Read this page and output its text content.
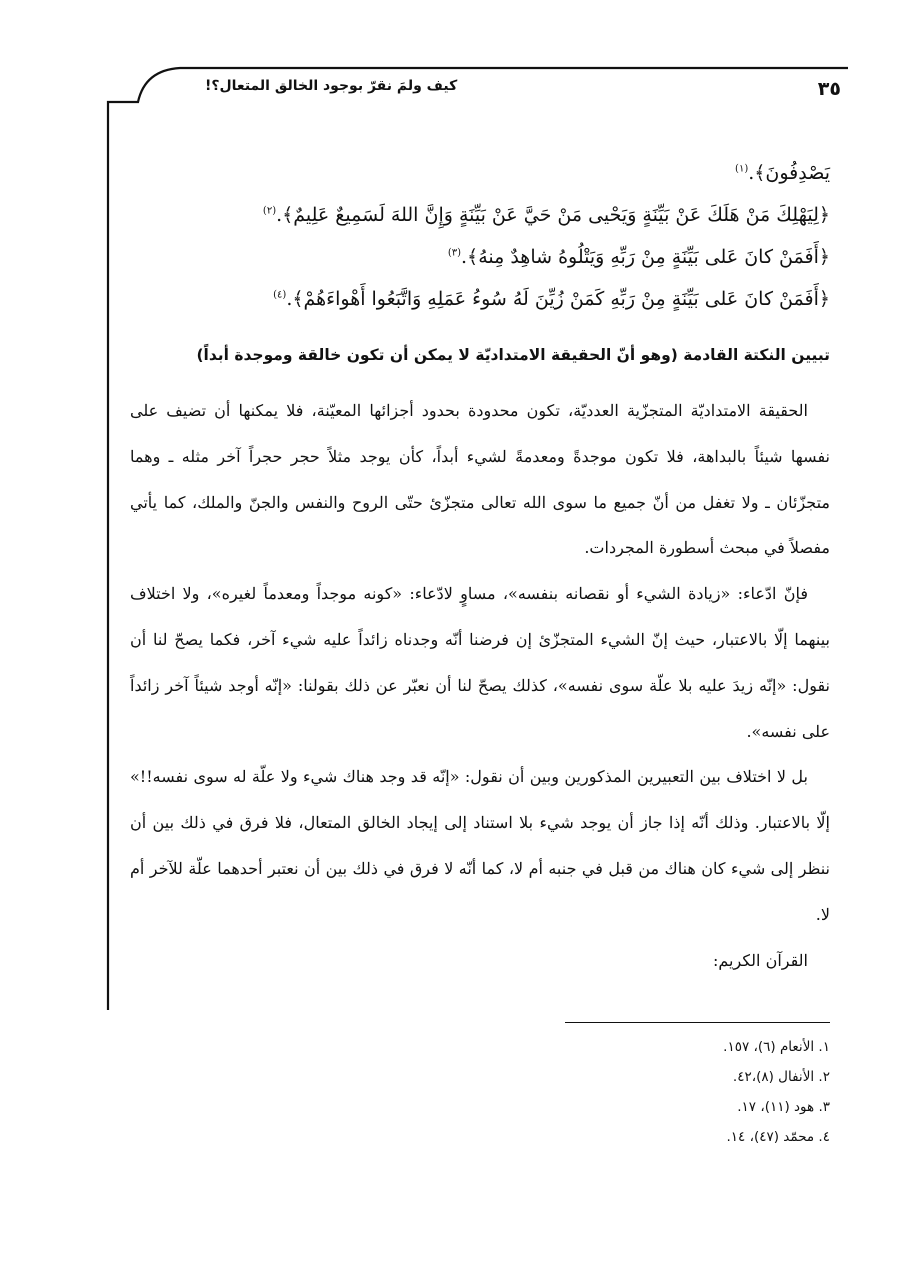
٣٥
كيف ولمَ نقرّ بوجود الخالق المتعال؟!

يَصْدِفُونَ﴾.$^{(١)}$

﴿لِيَهْلِكَ مَنْ هَلَكَ عَنْ بَيِّنَةٍ وَيَحْيى مَنْ حَيَّ عَنْ بَيِّنَةٍ وَإِنَّ اللهَ لَسَمِيعٌ عَلِيمٌ﴾.$^{(٢)}$

﴿أَفَمَنْ كانَ عَلى بَيِّنَةٍ مِنْ رَبِّهِ وَيَتْلُوهُ شاهِدٌ مِنهُ﴾.$^{(٣)}$

﴿أَفَمَنْ كانَ عَلى بَيِّنَةٍ مِنْ رَبِّهِ كَمَنْ زُيِّنَ لَهُ سُوءُ عَمَلِهِ وَاتَّبَعُوا أَهْواءَهُمْ﴾.$^{(٤)}$

تبيين النكتة القادمة (وهو أنّ الحقيقة الامتداديّة لا يمكن أن تكون خالقة وموجدة أبداً)

الحقيقة الامتداديّة المتجزّية العدديّة، تكون محدودة بحدود أجزائها المعيّنة، فلا يمكنها أن تضيف على نفسها شيئاً بالبداهة، فلا تكون موجدةً ومعدمةً لشيء أبداً، كأن يوجد مثلاً حجر حجراً آخر مثله ـ وهما متجزّئان ـ ولا تغفل من أنّ جميع ما سوى الله تعالى متجزّئ حتّى الروح والنفس والجنّ والملك، كما يأتي مفصلاً في مبحث أسطورة المجردات.

فإنّ ادّعاء: «زيادة الشيء أو نقصانه بنفسه»، مساوٍ لادّعاء: «كونه موجداً ومعدماً لغيره»، ولا اختلاف بينهما إلّا بالاعتبار، حيث إنّ الشيء المتجزّئ إن فرضنا أنّه وجدناه زائداً عليه شيء آخر، فكما يصحّ لنا أن نقول: «إنّه زيدَ عليه بلا علّة سوى نفسه»، كذلك يصحّ لنا أن نعبّر عن ذلك بقولنا: «إنّه أوجد شيئاً آخر زائداً على نفسه».

بل لا اختلاف بين التعبيرين المذكورين وبين أن نقول: «إنّه قد وجد هناك شيء ولا علّة له سوى نفسه!!» إلّا بالاعتبار. وذلك أنّه إذا جاز أن يوجد شيء بلا استناد إلى إيجاد الخالق المتعال، فلا فرق في ذلك بين أن ننظر إلى شيء كان هناك من قبل في جنبه أم لا، كما أنّه لا فرق في ذلك بين أن نعتبر أحدهما علّة للآخر أم لا.

القرآن الكريم:

١. الأنعام (٦)، ١٥٧.

٢. الأنفال (٨)،٤٢.

٣. هود (١١)، ١٧.

٤. محمّد (٤٧)، ١٤.
